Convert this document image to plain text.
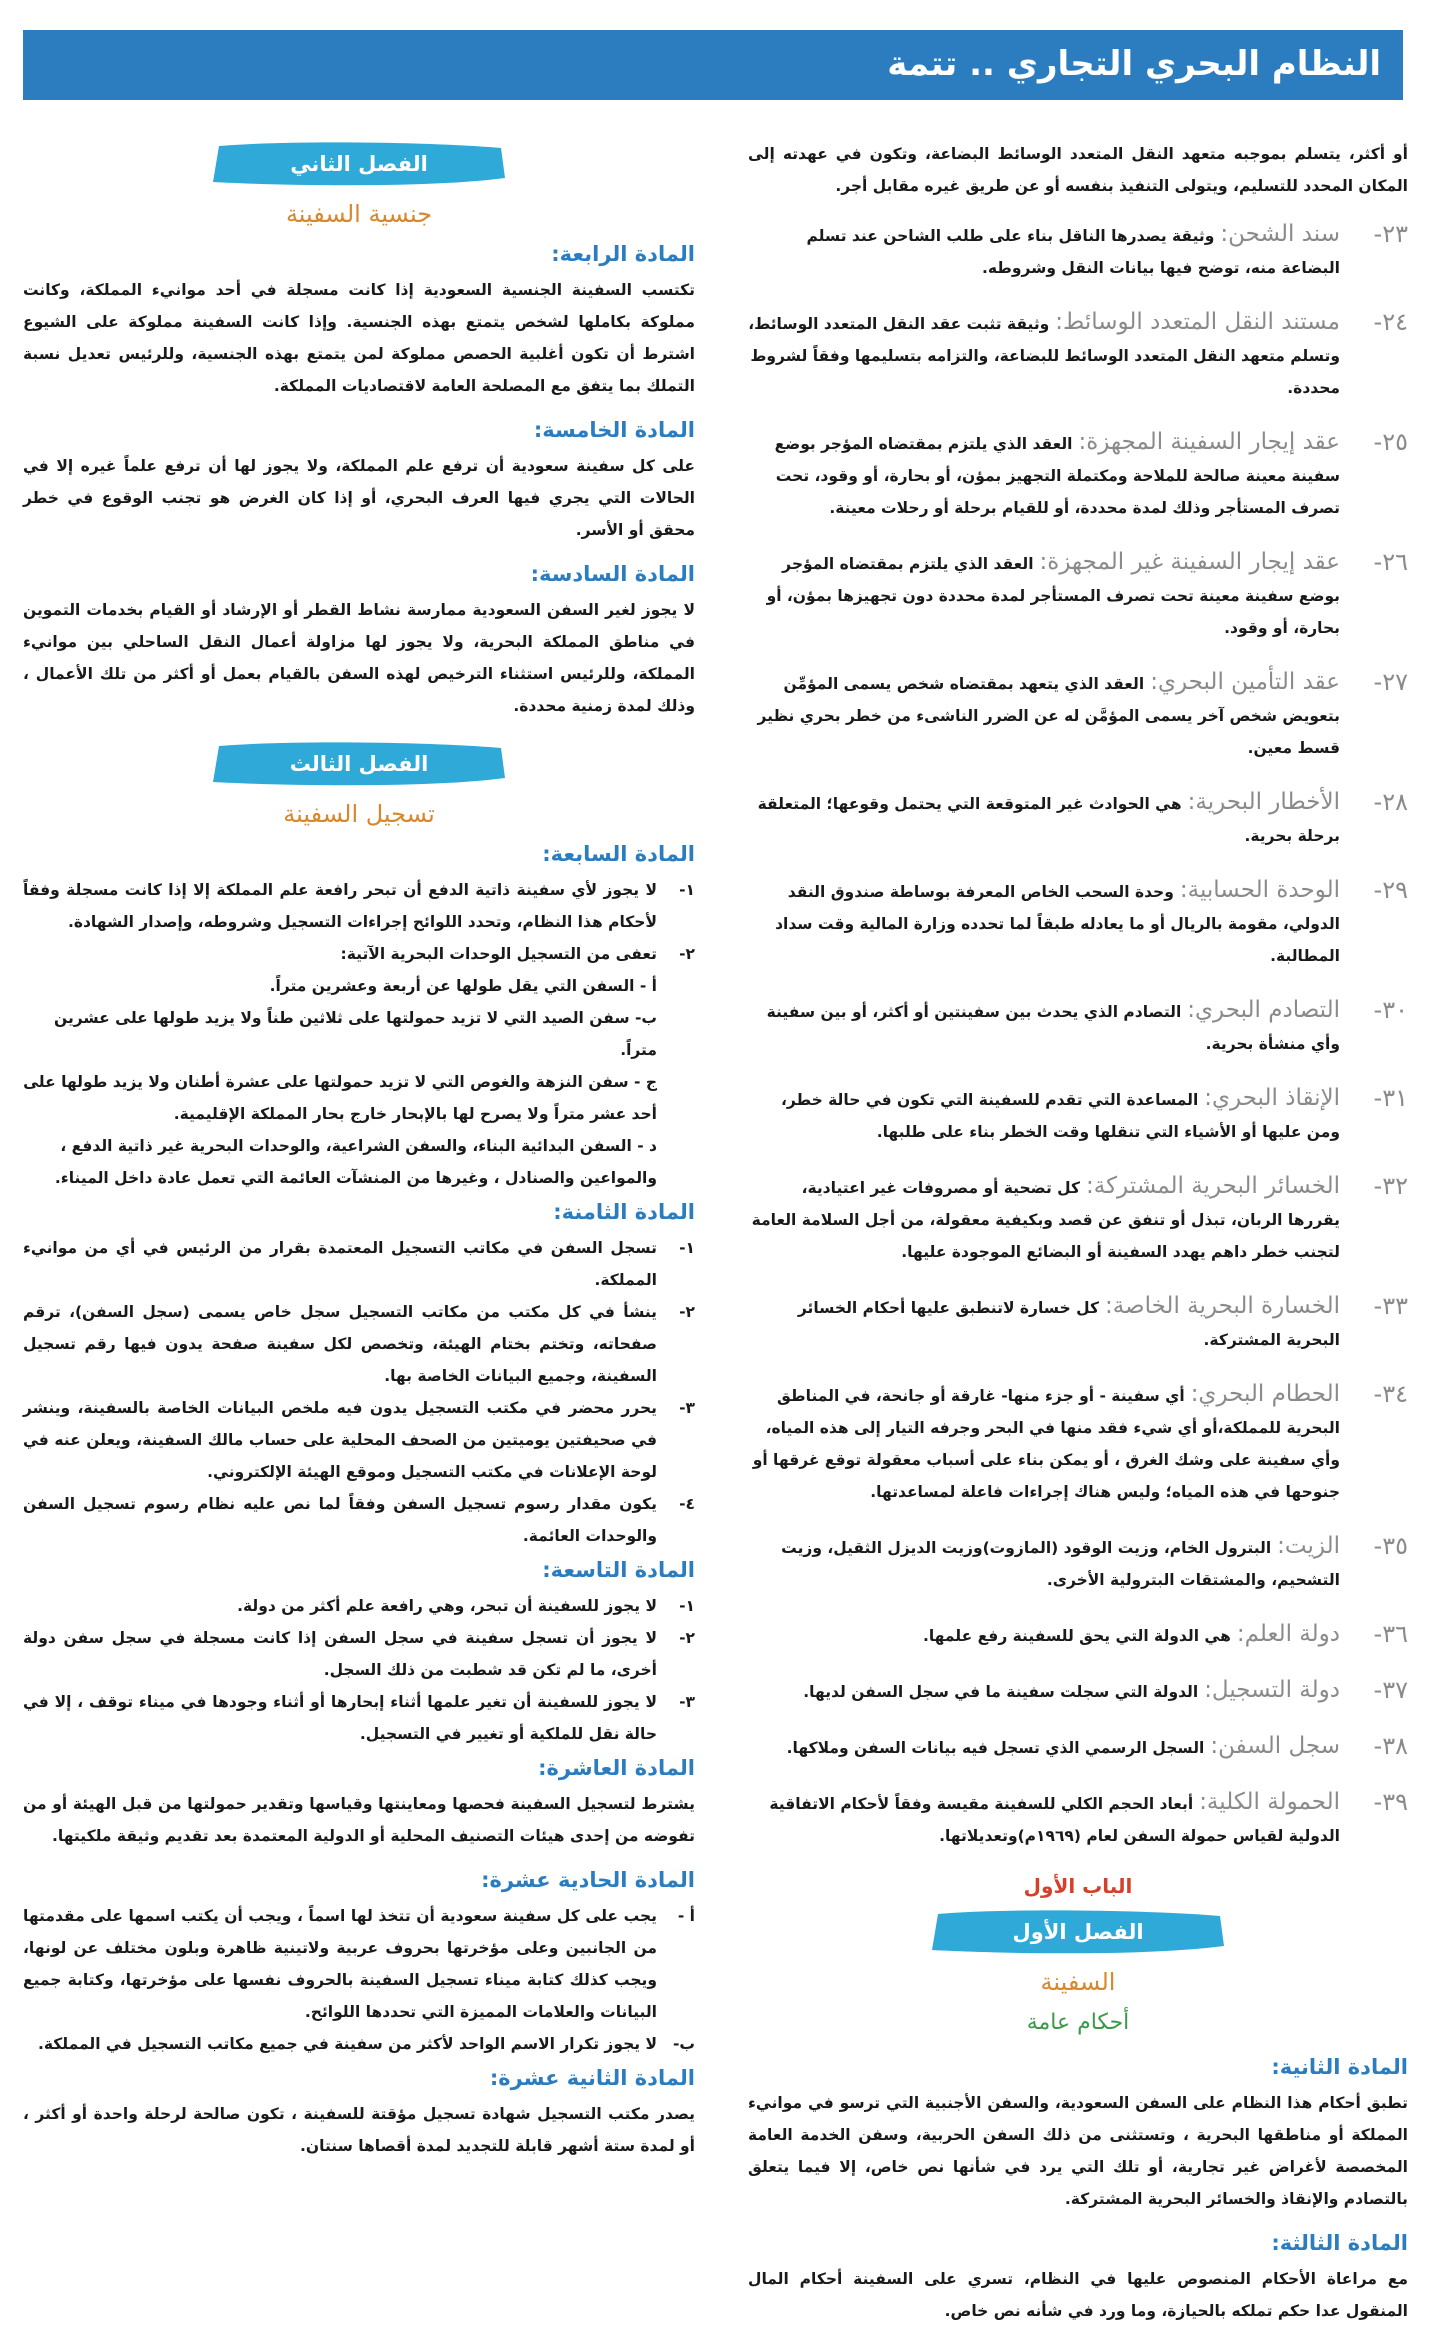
النظام البحري التجاري .. تتمة

أو أكثر، يتسلم بموجبه متعهد النقل المتعدد الوسائط البضاعة، وتكون في عهدته إلى المكان المحدد للتسليم، ويتولى التنفيذ بنفسه أو عن طريق غيره مقابل أجر.

٢٣-
سند الشحن:وثيقة يصدرها الناقل بناء على طلب الشاحن عند تسلم البضاعة منه، توضح فيها بيانات النقل وشروطه.
٢٤-
مستند النقل المتعدد الوسائط:وثيقة تثبت عقد النقل المتعدد الوسائط، وتسلم متعهد النقل المتعدد الوسائط للبضاعة، والتزامه بتسليمها وفقاً لشروط محددة.
٢٥-
عقد إيجار السفينة المجهزة:العقد الذي يلتزم بمقتضاه المؤجر بوضع سفينة معينة صالحة للملاحة ومكتملة التجهيز بمؤن، أو بحارة، أو وقود، تحت تصرف المستأجر وذلك لمدة محددة، أو للقيام برحلة أو رحلات معينة.
٢٦-
عقد إيجار السفينة غير المجهزة:العقد الذي يلتزم بمقتضاه المؤجر بوضع سفينة معينة تحت تصرف المستأجر لمدة محددة دون تجهيزها بمؤن، أو بحارة، أو وقود.
٢٧-
عقد التأمين البحري:العقد الذي يتعهد بمقتضاه شخص يسمى المؤمِّن بتعويض شخص آخر يسمى المؤمَّن له عن الضرر الناشىء من خطر بحري نظير قسط معين.
٢٨-
الأخطار البحرية:هي الحوادث غير المتوقعة التي يحتمل وقوعها؛ المتعلقة برحلة بحرية.
٢٩-
الوحدة الحسابية:وحدة السحب الخاص المعرفة بوساطة صندوق النقد الدولي، مقومة بالريال أو ما يعادله طبقاً لما تحدده وزارة المالية وقت سداد المطالبة.
٣٠-
التصادم البحري:التصادم الذي يحدث بين سفينتين أو أكثر، أو بين سفينة وأي منشأة بحرية.
٣١-
الإنقاذ البحري:المساعدة التي تقدم للسفينة التي تكون في حالة خطر، ومن عليها أو الأشياء التي تنقلها وقت الخطر بناء على طلبها.
٣٢-
الخسائر البحرية المشتركة:كل تضحية أو مصروفات غير اعتيادية، يقررها الربان، تبذل أو تنفق عن قصد وبكيفية معقولة، من أجل السلامة العامة لتجنب خطر داهم يهدد السفينة أو البضائع الموجودة عليها.
٣٣-
الخسارة البحرية الخاصة:كل خسارة لاتنطبق عليها أحكام الخسائر البحرية المشتركة.
٣٤-
الحطام البحري:أي سفينة - أو جزء منها- غارقة أو جانحة، في المناطق البحرية للمملكة،أو أي شيء فقد منها في البحر وجرفه التيار إلى هذه المياه، وأي سفينة على وشك الغرق ، أو يمكن بناء على أسباب معقولة توقع غرقها أو جنوحها في هذه المياه؛ وليس هناك إجراءات فاعلة لمساعدتها.
٣٥-
الزيت:البترول الخام، وزيت الوقود (المازوت)وزيت الديزل الثقيل، وزيت التشحيم، والمشتقات البترولية الأخرى.
٣٦-
دولة العلم:هي الدولة التي يحق للسفينة رفع علمها.
٣٧-
دولة التسجيل:الدولة التي سجلت سفينة ما في سجل السفن لديها.
٣٨-
سجل السفن:السجل الرسمي الذي تسجل فيه بيانات السفن وملاكها.
٣٩-
الحمولة الكلية:أبعاد الحجم الكلي للسفينة مقيسة وفقاً لأحكام الاتفاقية الدولية لقياس حمولة السفن لعام (١٩٦٩م)وتعديلاتها.
الباب الأول
الفصل الأول
السفينة
أحكام عامة
المادة الثانية:

تطبق أحكام هذا النظام على السفن السعودية، والسفن الأجنبية التي ترسو في موانيء المملكة أو مناطقها البحرية ، وتستثنى من ذلك السفن الحربية، وسفن الخدمة العامة المخصصة لأغراض غير تجارية، أو تلك التي يرد في شأنها نص خاص، إلا فيما يتعلق بالتصادم والإنقاذ والخسائر البحرية المشتركة.

المادة الثالثة:

مع مراعاة الأحكام المنصوص عليها في النظام، تسري على السفينة أحكام المال المنقول عدا حكم تملكه بالحيازة، وما ورد في شأنه نص خاص.

الفصل الثاني
جنسية السفينة
المادة الرابعة:

تكتسب السفينة الجنسية السعودية إذا كانت مسجلة في أحد موانيء المملكة، وكانت مملوكة بكاملها لشخص يتمتع بهذه الجنسية. وإذا كانت السفينة مملوكة على الشيوع اشترط أن تكون أغلبية الحصص مملوكة لمن يتمتع بهذه الجنسية، وللرئيس تعديل نسبة التملك بما يتفق مع المصلحة العامة لاقتصاديات المملكة.

المادة الخامسة:

على كل سفينة سعودية أن ترفع علم المملكة، ولا يجوز لها أن ترفع علماً غيره إلا في الحالات التي يجري فيها العرف البحري، أو إذا كان الغرض هو تجنب الوقوع في خطر محقق أو الأسر.

المادة السادسة:

لا يجوز لغير السفن السعودية ممارسة نشاط القطر أو الإرشاد أو القيام بخدمات التموين في مناطق المملكة البحرية، ولا يجوز لها مزاولة أعمال النقل الساحلي بين موانيء المملكة، وللرئيس استثناء الترخيص لهذه السفن بالقيام بعمل أو أكثر من تلك الأعمال ، وذلك لمدة زمنية محددة.

الفصل الثالث
تسجيل السفينة
المادة السابعة:
١-
لا يجوز لأي سفينة ذاتية الدفع أن تبحر رافعة علم المملكة إلا إذا كانت مسجلة وفقاً لأحكام هذا النظام، وتحدد اللوائح إجراءات التسجيل وشروطه، وإصدار الشهادة.
٢-
تعفى من التسجيل الوحدات البحرية الآتية:
أ - السفن التي يقل طولها عن أربعة وعشرين متراً.
ب- سفن الصيد التي لا تزيد حمولتها على ثلاثين طناً ولا يزيد طولها على عشرين متراً.
ج - سفن النزهة والغوص التي لا تزيد حمولتها على عشرة أطنان ولا يزيد طولها على أحد عشر متراً ولا يصرح لها بالإبحار خارج بحار المملكة الإقليمية.
د - السفن البدائية البناء، والسفن الشراعية، والوحدات البحرية غير ذاتية الدفع ، والمواعين والصنادل ، وغيرها من المنشآت العائمة التي تعمل عادة داخل الميناء.
المادة الثامنة:
١-
تسجل السفن في مكاتب التسجيل المعتمدة بقرار من الرئيس في أي من موانيء المملكة.
٢-
ينشأ في كل مكتب من مكاتب التسجيل سجل خاص يسمى (سجل السفن)، ترقم صفحاته، وتختم بختام الهيئة، وتخصص لكل سفينة صفحة يدون فيها رقم تسجيل السفينة، وجميع البيانات الخاصة بها.
٣-
يحرر محضر في مكتب التسجيل يدون فيه ملخص البيانات الخاصة بالسفينة، وينشر في صحيفتين يوميتين من الصحف المحلية على حساب مالك السفينة، ويعلن عنه في لوحة الإعلانات في مكتب التسجيل وموقع الهيئة الإلكتروني.
٤-
يكون مقدار رسوم تسجيل السفن وفقاً لما نص عليه نظام رسوم تسجيل السفن والوحدات العائمة.
المادة التاسعة:
١-
لا يجوز للسفينة أن تبحر، وهي رافعة علم أكثر من دولة.
٢-
لا يجوز أن تسجل سفينة في سجل السفن إذا كانت مسجلة في سجل سفن دولة أخرى، ما لم تكن قد شطبت من ذلك السجل.
٣-
لا يجوز للسفينة أن تغير علمها أثناء إبحارها أو أثناء وجودها في ميناء توقف ، إلا في حالة نقل للملكية أو تغيير في التسجيل.
المادة العاشرة:

يشترط لتسجيل السفينة فحصها ومعاينتها وقياسها وتقدير حمولتها من قبل الهيئة أو من تفوضه من إحدى هيئات التصنيف المحلية أو الدولية المعتمدة بعد تقديم وثيقة ملكيتها.

المادة الحادية عشرة:
أ -
يجب على كل سفينة سعودية أن تتخذ لها اسماً ، ويجب أن يكتب اسمها على مقدمتها من الجانبين وعلى مؤخرتها بحروف عربية ولاتينية ظاهرة وبلون مختلف عن لونها، ويجب كذلك كتابة ميناء تسجيل السفينة بالحروف نفسها على مؤخرتها، وكتابة جميع البيانات والعلامات المميزة التي تحددها اللوائح.
ب-
لا يجوز تكرار الاسم الواحد لأكثر من سفينة في جميع مكاتب التسجيل في المملكة.
المادة الثانية عشرة:

يصدر مكتب التسجيل شهادة تسجيل مؤقتة للسفينة ، تكون صالحة لرحلة واحدة أو أكثر ، أو لمدة ستة أشهر قابلة للتجديد لمدة أقصاها سنتان.
